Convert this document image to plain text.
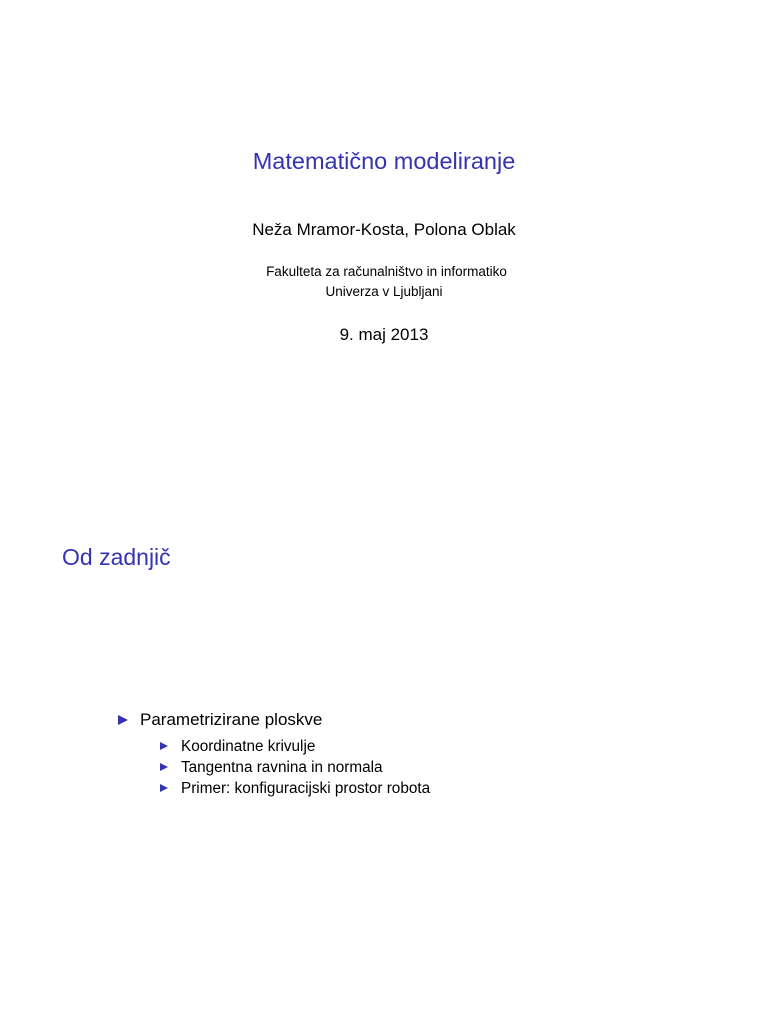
Matematično modeliranje
Neža Mramor-Kosta, Polona Oblak
Fakulteta za računalništvo in informatiko
Univerza v Ljubljani
9. maj 2013
Od zadnjič
Parametrizirane ploskve
Koordinatne krivulje
Tangentna ravnina in normala
Primer: konfiguracijski prostor robota
